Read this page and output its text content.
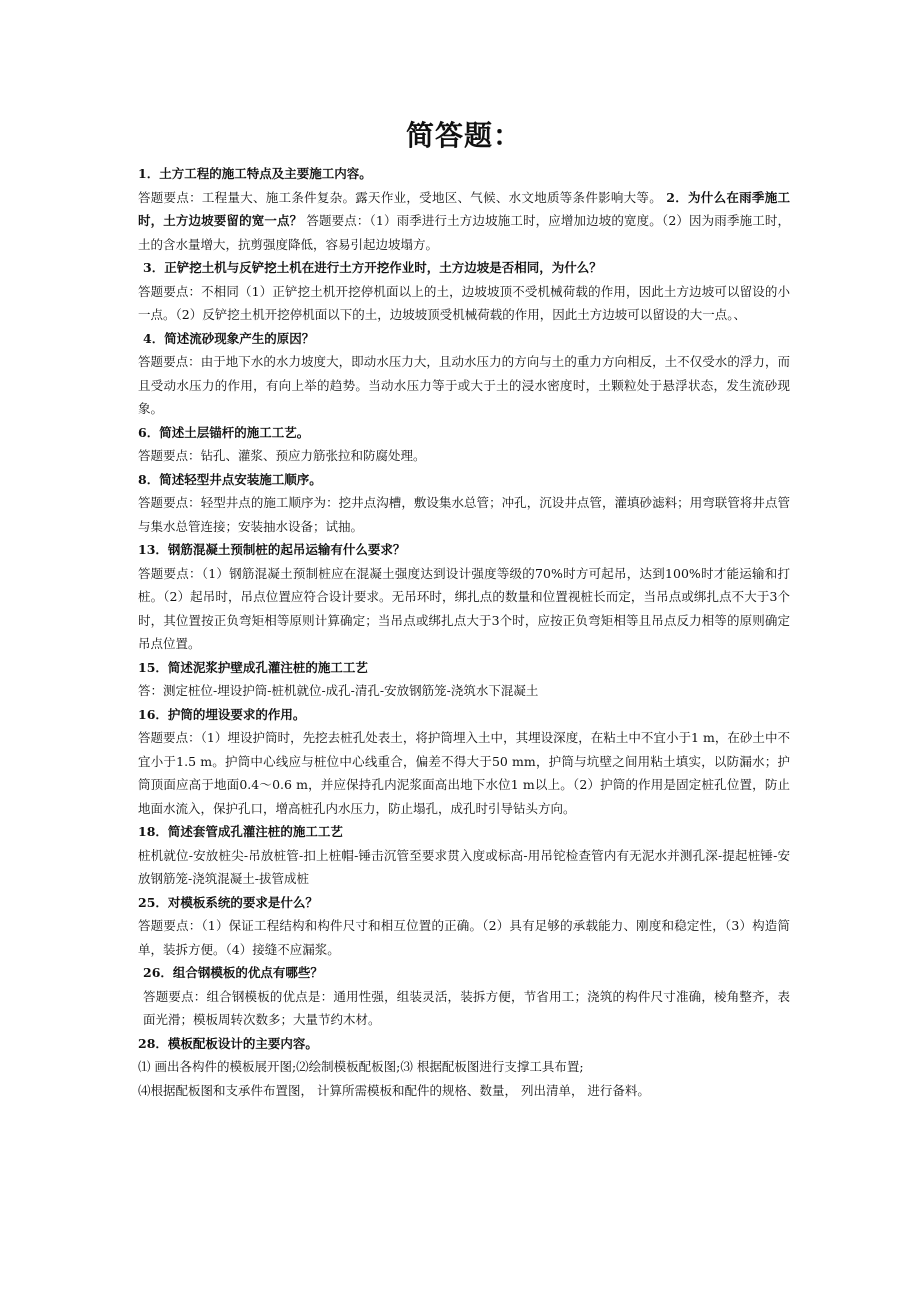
简答题：
1．土方工程的施工特点及主要施工内容。
答题要点：工程量大、施工条件复杂。露天作业，受地区、气候、水文地质等条件影响大等。 2．为什么在雨季施工时，土方边坡要留的宽一点？ 答题要点：（1）雨季进行土方边坡施工时，应增加边坡的宽度。（2）因为雨季施工时，土的含水量增大，抗剪强度降低，容易引起边坡塌方。
3．正铲挖土机与反铲挖土机在进行土方开挖作业时，土方边坡是否相同，为什么？
答题要点：不相同（1）正铲挖土机开挖停机面以上的土，边坡坡顶不受机械荷载的作用，因此土方边坡可以留设的小一点。（2）反铲挖土机开挖停机面以下的土，边坡坡顶受机械荷载的作用，因此土方边坡可以留设的大一点。、
4．简述流砂现象产生的原因？
答题要点：由于地下水的水力坡度大，即动水压力大，且动水压力的方向与土的重力方向相反，土不仅受水的浮力，而且受动水压力的作用，有向上举的趋势。当动水压力等于或大于土的浸水密度时，土颗粒处于悬浮状态，发生流砂现象。
6．简述土层锚杆的施工工艺。
答题要点：钻孔、灌浆、预应力筋张拉和防腐处理。
8．简述轻型井点安装施工顺序。
答题要点：轻型井点的施工顺序为：挖井点沟槽，敷设集水总管；冲孔，沉设井点管，灌填砂滤料；用弯联管将井点管与集水总管连接；安装抽水设备；试抽。
13．钢筋混凝土预制桩的起吊运输有什么要求？
答题要点：（1）钢筋混凝土预制桩应在混凝土强度达到设计强度等级的70%时方可起吊，达到100%时才能运输和打桩。（2）起吊时，吊点位置应符合设计要求。无吊环时，绑扎点的数量和位置视桩长而定，当吊点或绑扎点不大于3个时，其位置按正负弯矩相等原则计算确定；当吊点或绑扎点大于3个时，应按正负弯矩相等且吊点反力相等的原则确定吊点位置。
15．简述泥浆护壁成孔灌注桩的施工工艺
答：测定桩位-埋设护筒-桩机就位-成孔-清孔-安放钢筋笼-浇筑水下混凝土
16．护筒的埋设要求的作用。
答题要点：（1）埋设护筒时，先挖去桩孔处表土，将护筒埋入土中，其埋设深度，在粘土中不宜小于1 m，在砂土中不宜小于1.5 m。护筒中心线应与桩位中心线重合，偏差不得大于50 mm，护筒与坑壁之间用粘土填实，以防漏水；护筒顶面应高于地面0.4～0.6 m，并应保持孔内泥浆面高出地下水位1 m以上。（2）护筒的作用是固定桩孔位置，防止地面水流入，保护孔口，增高桩孔内水压力，防止塌孔，成孔时引导钻头方向。
18．简述套管成孔灌注桩的施工工艺
桩机就位-安放桩尖-吊放桩管-扣上桩帽-锤击沉管至要求贯入度或标高-用吊铊检查管内有无泥水并测孔深-提起桩锤-安放钢筋笼-浇筑混凝土-拔管成桩
25．对模板系统的要求是什么？
答题要点：（1）保证工程结构和构件尺寸和相互位置的正确。（2）具有足够的承载能力、刚度和稳定性，（3）构造简单，装拆方便。（4）接缝不应漏浆。
26．组合钢模板的优点有哪些？
答题要点：组合钢模板的优点是：通用性强，组装灵活，装拆方便，节省用工；浇筑的构件尺寸准确，棱角整齐，表面光滑；模板周转次数多；大量节约木材。
28．模板配板设计的主要内容。
⑴ 画出各构件的模板展开图;⑵绘制模板配板图;⑶ 根据配板图进行支撑工具布置;
⑷根据配板图和支承件布置图， 计算所需模板和配件的规格、数量， 列出清单， 进行备料。
